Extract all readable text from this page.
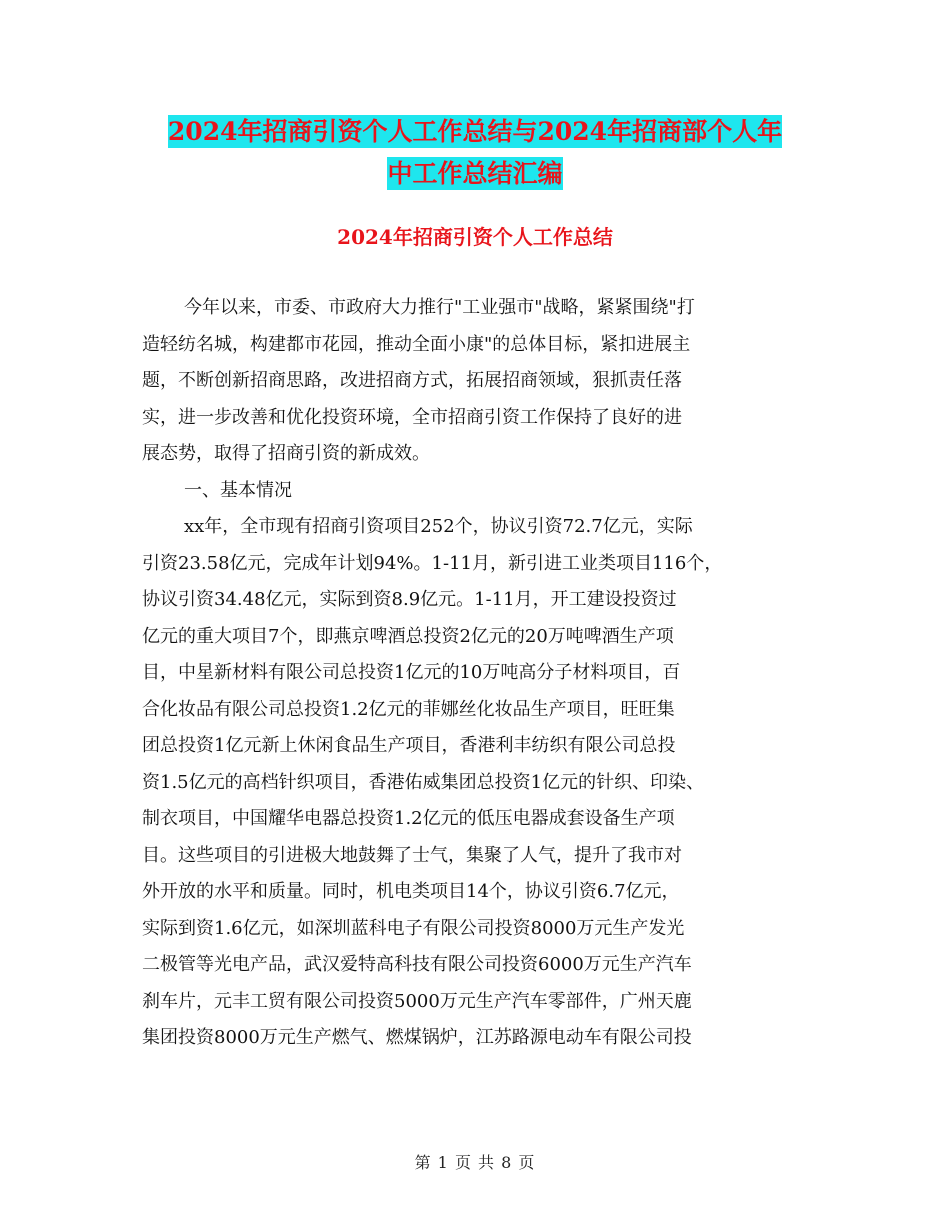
2024年招商引资个人工作总结与2024年招商部个人年
中工作总结汇编
2024年招商引资个人工作总结
今年以来，市委、市政府大力推行"工业强市"战略，紧紧围绕"打
造轻纺名城，构建都市花园，推动全面小康"的总体目标，紧扣进展主
题，不断创新招商思路，改进招商方式，拓展招商领域，狠抓责任落
实，进一步改善和优化投资环境，全市招商引资工作保持了良好的进
展态势，取得了招商引资的新成效。
一、基本情况
xx年，全市现有招商引资项目252个，协议引资72.7亿元，实际
引资23.58亿元，完成年计划94%。1-11月，新引进工业类项目116个，
协议引资34.48亿元，实际到资8.9亿元。1-11月，开工建设投资过
亿元的重大项目7个，即燕京啤酒总投资2亿元的20万吨啤酒生产项
目，中星新材料有限公司总投资1亿元的10万吨高分子材料项目，百
合化妆品有限公司总投资1.2亿元的菲娜丝化妆品生产项目，旺旺集
团总投资1亿元新上休闲食品生产项目，香港利丰纺织有限公司总投
资1.5亿元的高档针织项目，香港佑威集团总投资1亿元的针织、印染、
制衣项目，中国耀华电器总投资1.2亿元的低压电器成套设备生产项
目。这些项目的引进极大地鼓舞了士气，集聚了人气，提升了我市对
外开放的水平和质量。同时，机电类项目14个，协议引资6.7亿元，
实际到资1.6亿元，如深圳蓝科电子有限公司投资8000万元生产发光
二极管等光电产品，武汉爱特高科技有限公司投资6000万元生产汽车
刹车片，元丰工贸有限公司投资5000万元生产汽车零部件，广州天鹿
集团投资8000万元生产燃气、燃煤锅炉，江苏路源电动车有限公司投
第 1 页 共 8 页
